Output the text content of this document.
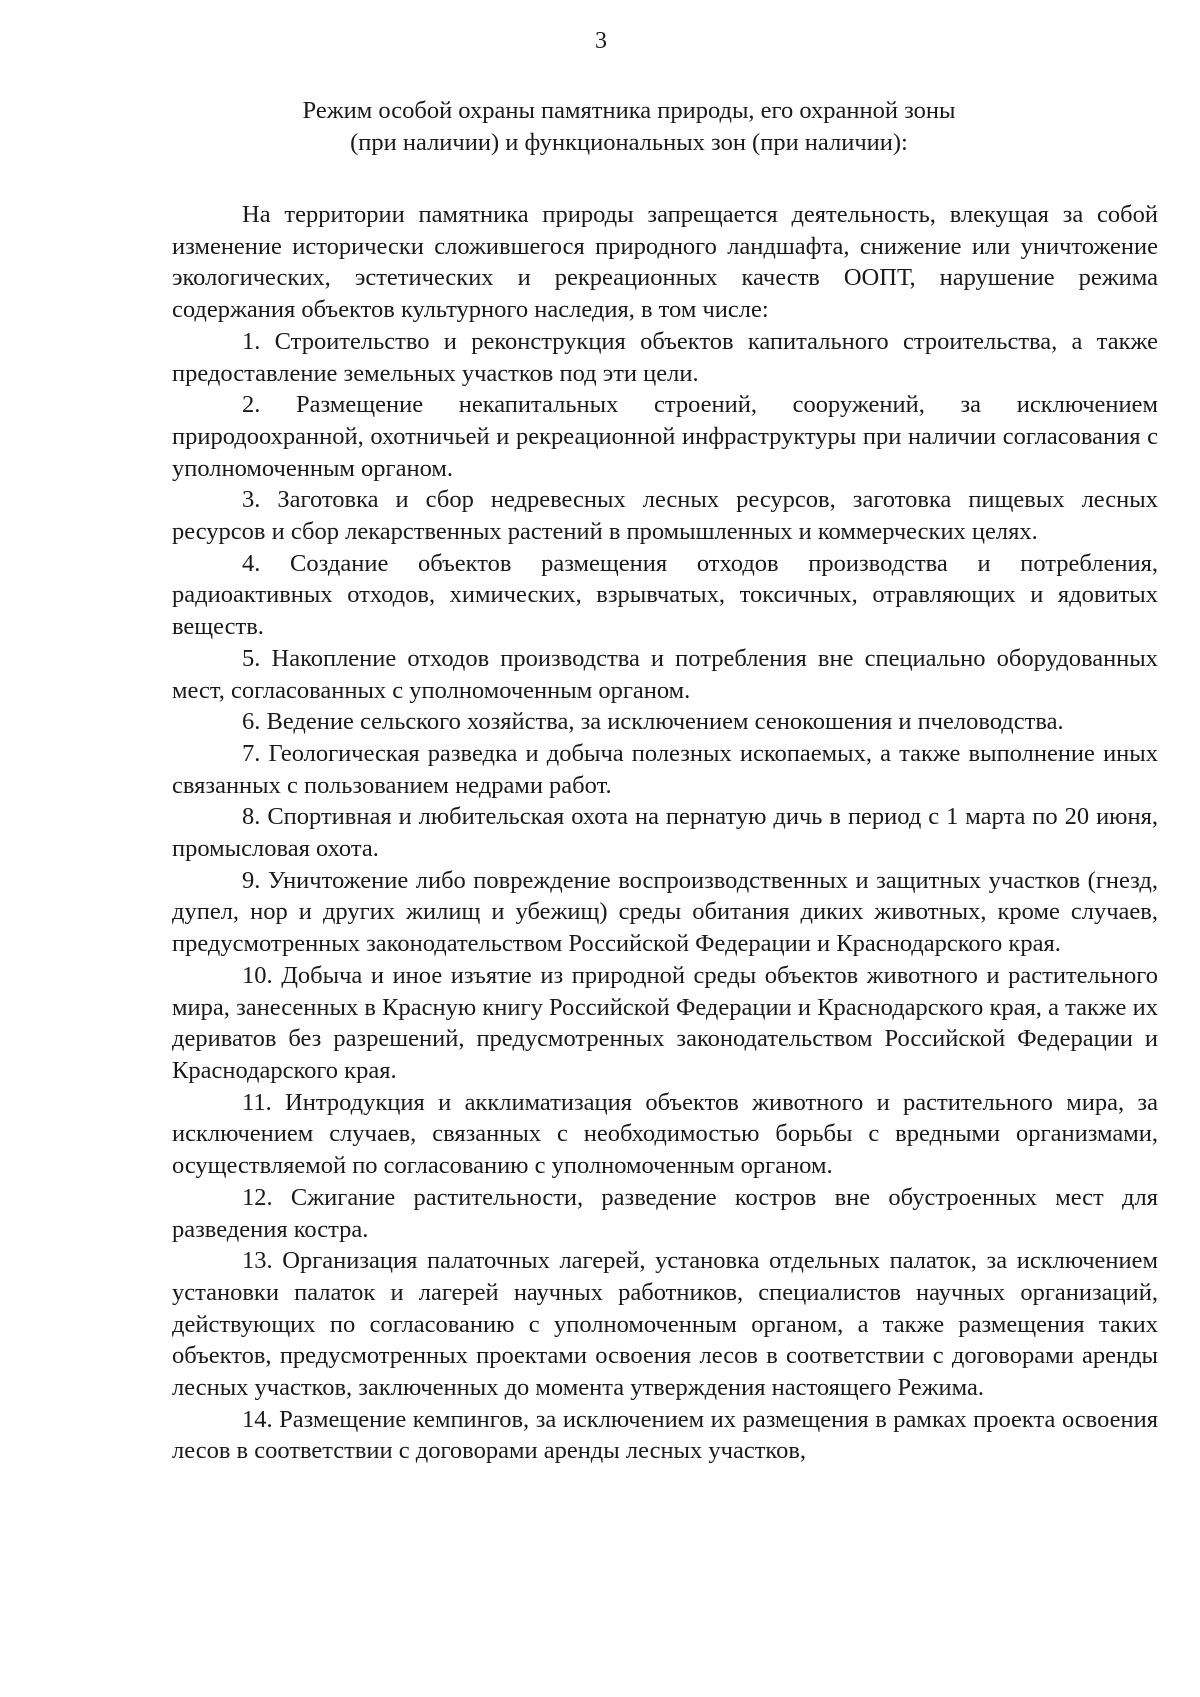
3
Режим особой охраны памятника природы, его охранной зоны
(при наличии) и функциональных зон (при наличии):

На территории памятника природы запрещается деятельность, влекущая за собой изменение исторически сложившегося природного ландшафта, снижение или уничтожение экологических, эстетических и рекреационных качеств ООПТ, нарушение режима содержания объектов культурного наследия, в том числе:

1. Строительство и реконструкция объектов капитального строительства, а также предоставление земельных участков под эти цели.

2. Размещение некапитальных строений, сооружений, за исключением природоохранной, охотничьей и рекреационной инфраструктуры при наличии согласования с уполномоченным органом.

3. Заготовка и сбор недревесных лесных ресурсов, заготовка пищевых лесных ресурсов и сбор лекарственных растений в промышленных и коммерческих целях.

4. Создание объектов размещения отходов производства и потребления, радиоактивных отходов, химических, взрывчатых, токсичных, отравляющих и ядовитых веществ.

5. Накопление отходов производства и потребления вне специально оборудованных мест, согласованных с уполномоченным органом.

6. Ведение сельского хозяйства, за исключением сенокошения и пчеловодства.

7. Геологическая разведка и добыча полезных ископаемых, а также выполнение иных связанных с пользованием недрами работ.

8. Спортивная и любительская охота на пернатую дичь в период с 1 марта по 20 июня, промысловая охота.

9. Уничтожение либо повреждение воспроизводственных и защитных участков (гнезд, дупел, нор и других жилищ и убежищ) среды обитания диких животных, кроме случаев, предусмотренных законодательством Российской Федерации и Краснодарского края.

10. Добыча и иное изъятие из природной среды объектов животного и растительного мира, занесенных в Красную книгу Российской Федерации и Краснодарского края, а также их дериватов без разрешений, предусмотренных законодательством Российской Федерации и Краснодарского края.

11. Интродукция и акклиматизация объектов животного и растительного мира, за исключением случаев, связанных с необходимостью борьбы с вредными организмами, осуществляемой по согласованию с уполномоченным органом.

12. Сжигание растительности, разведение костров вне обустроенных мест для разведения костра.

13. Организация палаточных лагерей, установка отдельных палаток, за исключением установки палаток и лагерей научных работников, специалистов научных организаций, действующих по согласованию с уполномоченным органом, а также размещения таких объектов, предусмотренных проектами освоения лесов в соответствии с договорами аренды лесных участков, заключенных до момента утверждения настоящего Режима.

14. Размещение кемпингов, за исключением их размещения в рамках проекта освоения лесов в соответствии с договорами аренды лесных участков,
